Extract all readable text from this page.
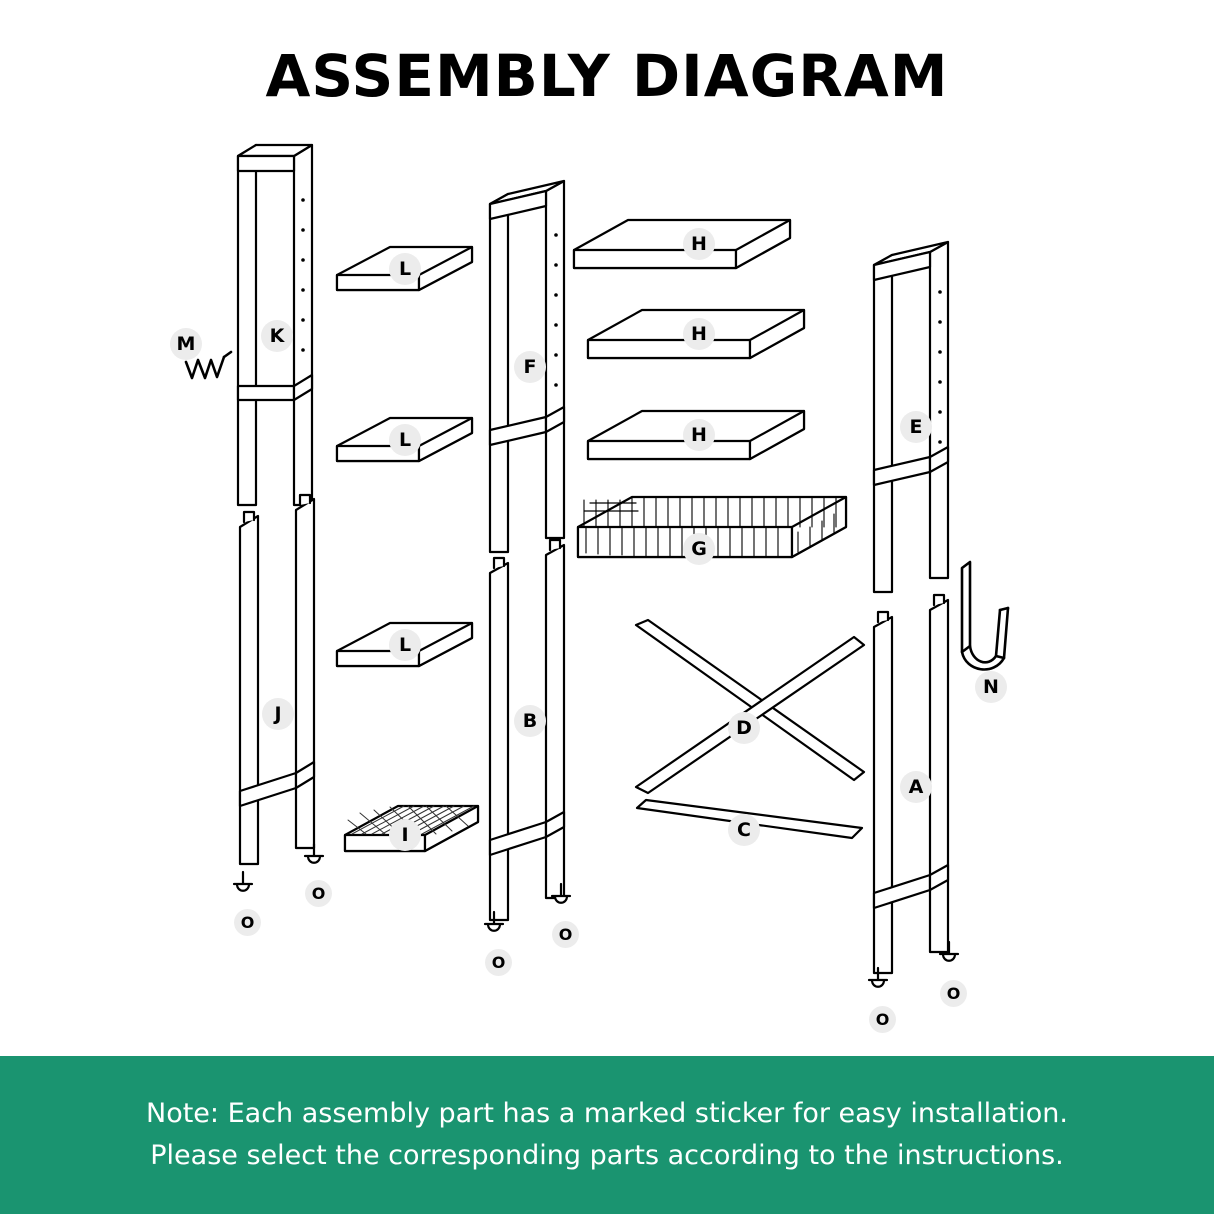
ASSEMBLY DIAGRAM
M	K
L
L
F
H
H
H
G
E
N
J
L
B
I
D
C
A
O
O
O
O
O
O
Note: Each assembly part has a marked sticker for easy installation.
Please select the corresponding parts according to the instructions.
